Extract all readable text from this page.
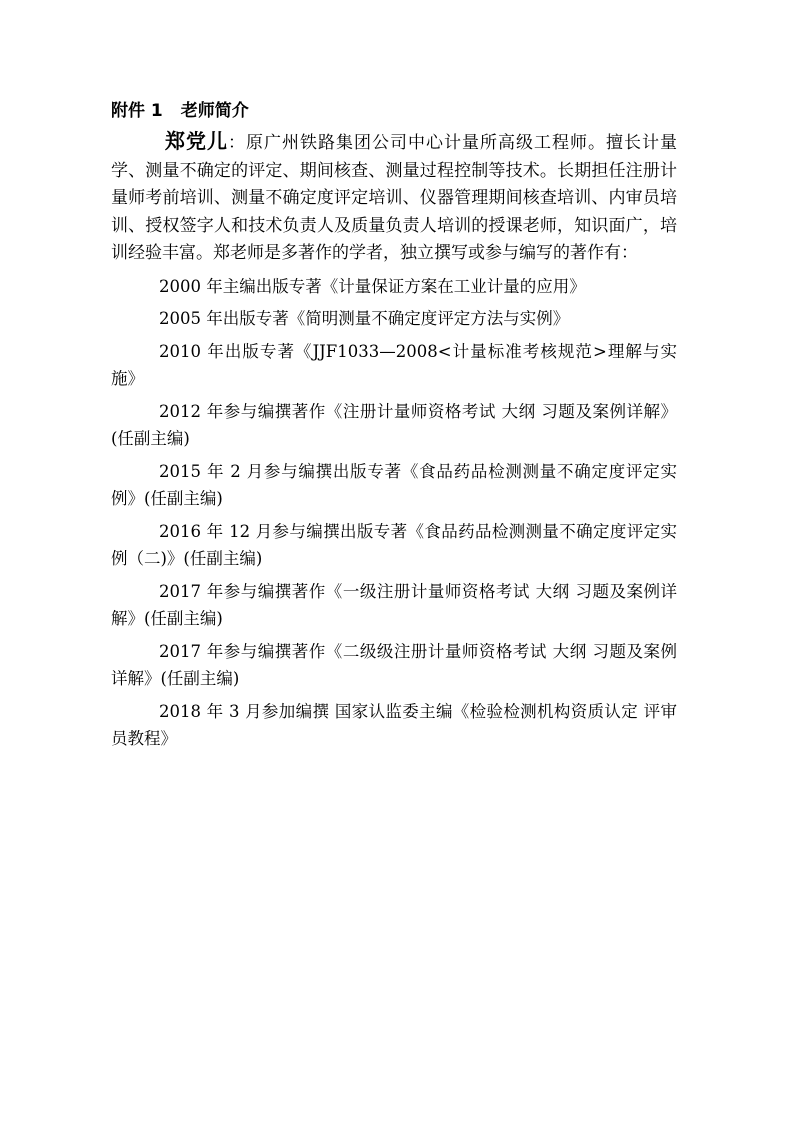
附件 1 老师简介

郑党儿：原广州铁路集团公司中心计量所高级工程师。擅长计量学、测量不确定的评定、期间核查、测量过程控制等技术。长期担任注册计量师考前培训、测量不确定度评定培训、仪器管理期间核查培训、内审员培训、授权签字人和技术负责人及质量负责人培训的授课老师，知识面广，培训经验丰富。郑老师是多著作的学者，独立撰写或参与编写的著作有：

2000 年主编出版专著《计量保证方案在工业计量的应用》
2005 年出版专著《简明测量不确定度评定方法与实例》
2010 年出版专著《JJF1033—2008<计量标准考核规范>理解与实施》
2012 年参与编撰著作《注册计量师资格考试 大纲 习题及案例详解》(任副主编)
2015 年 2 月参与编撰出版专著《食品药品检测测量不确定度评定实例》(任副主编)
2016 年 12 月参与编撰出版专著《食品药品检测测量不确定度评定实例（二)》(任副主编)
2017 年参与编撰著作《一级注册计量师资格考试 大纲 习题及案例详解》(任副主编)
2017 年参与编撰著作《二级级注册计量师资格考试 大纲 习题及案例详解》(任副主编)
2018 年 3 月参加编撰 国家认监委主编《检验检测机构资质认定 评审员教程》
